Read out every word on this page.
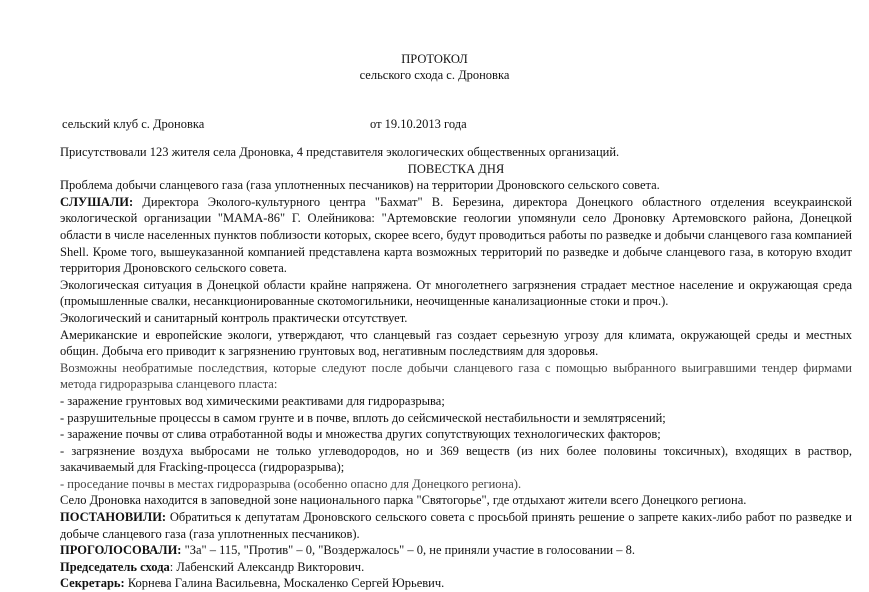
ПРОТОКОЛ
сельского схода с. Дроновка
сельский клуб с. Дроновка	от 19.10.2013 года

Присутствовали 123 жителя села Дроновка, 4 представителя экологических общественных организаций.

ПОВЕСТКА ДНЯ

Проблема добычи сланцевого газа (газа уплотненных песчаников) на территории Дроновского сельского совета.

СЛУШАЛИ: Директора Эколого-культурного центра "Бахмат" В. Березина, директора Донецкого областного отделения всеукраинской экологической организации "МАМА-86" Г. Олейникова: "Артемовские геологии упомянули село Дроновку Артемовского района, Донецкой области в числе населенных пунктов поблизости которых, скорее всего, будут проводиться работы по разведке и добычи сланцевого газа компанией Shell. Кроме того, вышеуказанной компанией представлена карта возможных территорий по разведке и добыче сланцевого газа, в которую входит территория Дроновского сельского совета.

Экологическая ситуация в Донецкой области крайне напряжена. От многолетнего загрязнения страдает местное население и окружающая среда (промышленные свалки, несанкционированные скотомогильники, неочищенные канализационные стоки и проч.).

Экологический и санитарный контроль практически отсутствует.

Американские и европейские экологи, утверждают, что сланцевый газ создает серьезную угрозу для климата, окружающей среды и местных общин. Добыча его приводит к загрязнению грунтовых вод, негативным последствиям для здоровья.

Возможны необратимые последствия, которые следуют после добычи сланцевого газа с помощью выбранного выигравшими тендер фирмами метода гидроразрыва сланцевого пласта:

- заражение грунтовых вод химическими реактивами для гидроразрыва;

- разрушительные процессы в самом грунте и в почве, вплоть до сейсмической нестабильности и землятрясений;

- заражение почвы от слива отработанной воды и множества других сопутствующих технологических факторов;

- загрязнение воздуха выбросами не только углеводородов, но и 369 веществ (из них более половины токсичных), входящих в раствор, закачиваемый для Fracking-процесса (гидроразрыва);

- проседание почвы в местах гидроразрыва (особенно опасно для Донецкого региона).

Село Дроновка находится в заповедной зоне национального парка "Святогорье", где отдыхают жители всего Донецкого региона.

ПОСТАНОВИЛИ: Обратиться к депутатам Дроновского сельского совета с просьбой принять решение о запрете каких-либо работ по разведке и добыче сланцевого газа (газа уплотненных песчаников).

ПРОГОЛОСОВАЛИ: "За" – 115, "Против" – 0, "Воздержалось" – 0, не приняли участие в голосовании – 8.

Председатель схода: Лабенский Александр Викторович.

Секретарь: Корнева Галина Васильевна, Москаленко Сергей Юрьевич.
